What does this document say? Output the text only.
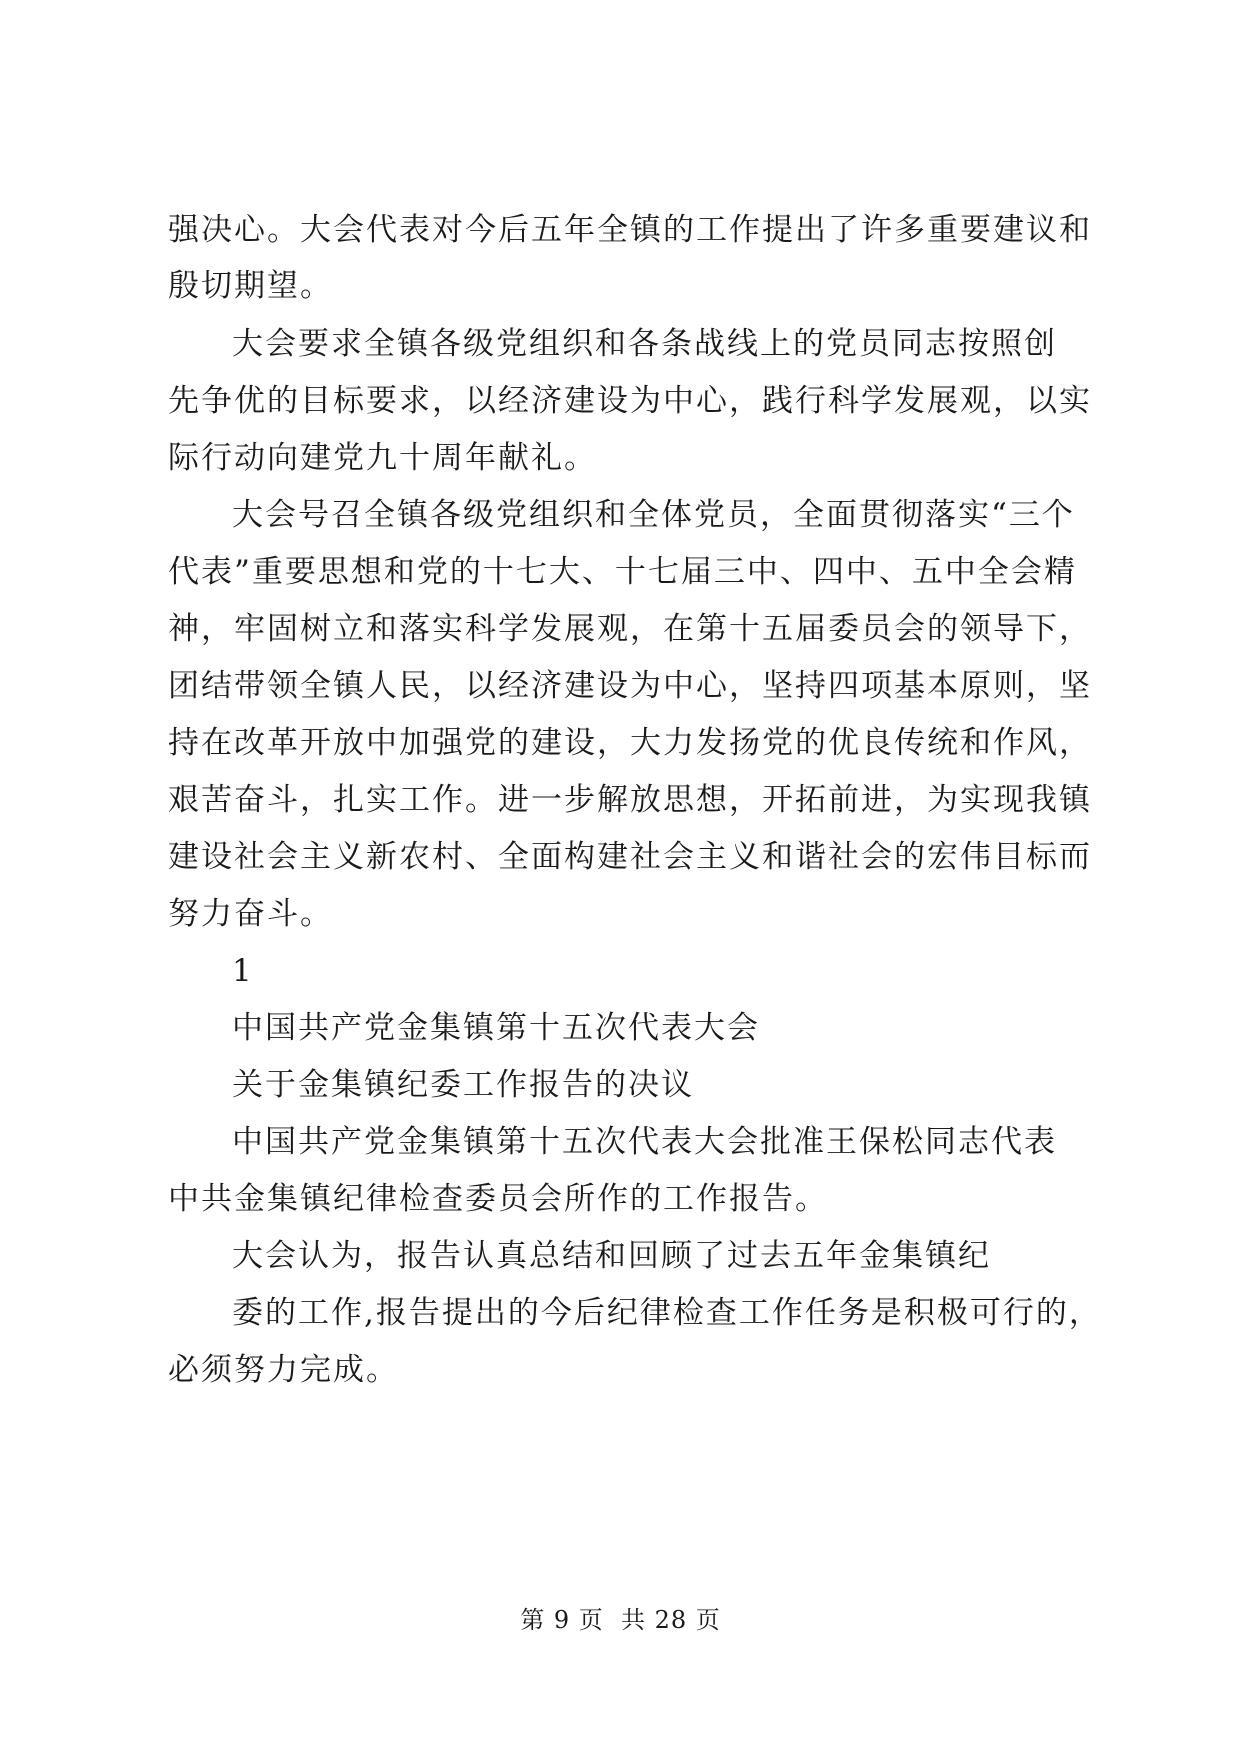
强决心。大会代表对今后五年全镇的工作提出了许多重要建议和
殷切期望。
大会要求全镇各级党组织和各条战线上的党员同志按照创
先争优的目标要求，以经济建设为中心，践行科学发展观，以实
际行动向建党九十周年献礼。
大会号召全镇各级党组织和全体党员，全面贯彻落实“三个
代表”重要思想和党的十七大、十七届三中、四中、五中全会精
神，牢固树立和落实科学发展观，在第十五届委员会的领导下，
团结带领全镇人民，以经济建设为中心，坚持四项基本原则，坚
持在改革开放中加强党的建设，大力发扬党的优良传统和作风，
艰苦奋斗，扎实工作。进一步解放思想，开拓前进，为实现我镇
建设社会主义新农村、全面构建社会主义和谐社会的宏伟目标而
努力奋斗。
1
中国共产党金集镇第十五次代表大会
关于金集镇纪委工作报告的决议
中国共产党金集镇第十五次代表大会批准王保松同志代表
中共金集镇纪律检查委员会所作的工作报告。
大会认为，报告认真总结和回顾了过去五年金集镇纪
委的工作,报告提出的今后纪律检查工作任务是积极可行的，
必须努力完成。
第 9 页  共 28 页
